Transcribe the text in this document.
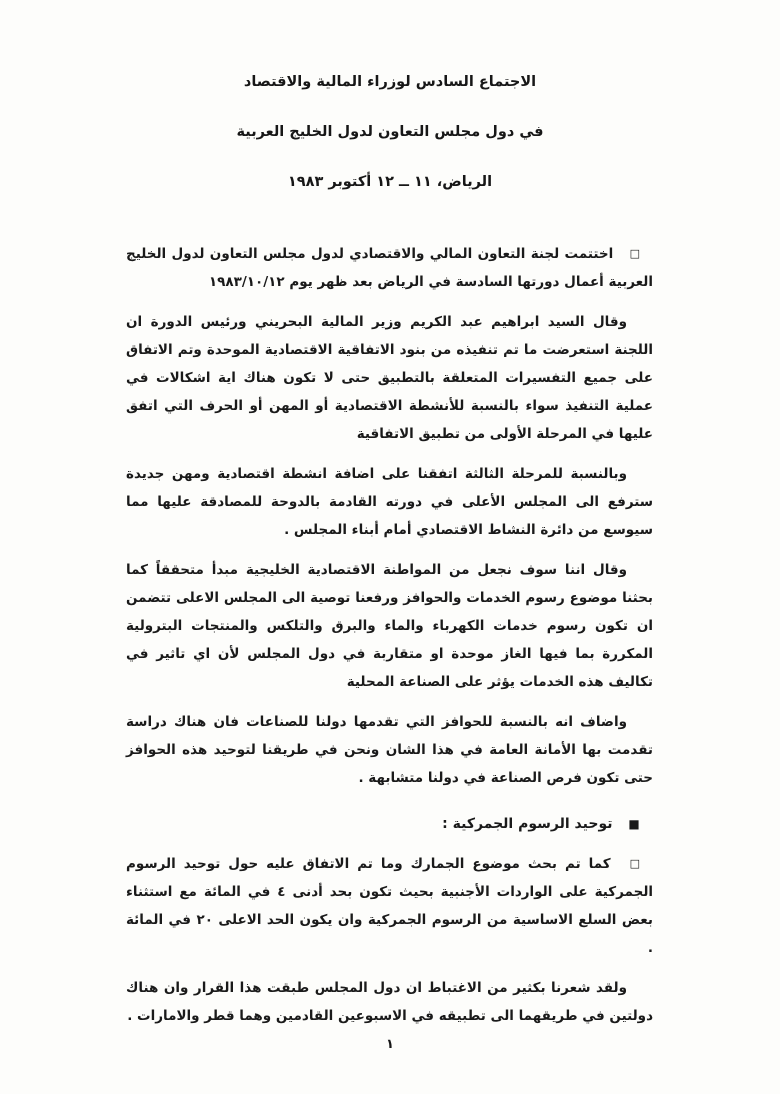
الاجتماع السادس لوزراء المالية والاقتصاد
في دول مجلس التعاون لدول الخليج العربية
الرياض، ١١ ــ ١٢ أكتوبر ١٩٨٣

□ اختتمت لجنة التعاون المالي والاقتصادي لدول مجلس التعاون لدول الخليج العربية أعمال دورتها السادسة في الرياض بعد ظهر يوم ١٩٨٣/١٠/١٢

وقال السيد ابراهيم عبد الكريم وزير المالية البحريني ورئيس الدورة ان اللجنة استعرضت ما تم تنفيذه من بنود الاتفاقية الاقتصادية الموحدة وتم الاتفاق على جميع التفسيرات المتعلقة بالتطبيق حتى لا تكون هناك اية اشكالات في عملية التنفيذ سواء بالنسبة للأنشطة الاقتصادية أو المهن أو الحرف التي اتفق عليها في المرحلة الأولى من تطبيق الاتفاقية

وبالنسبة للمرحلة الثالثة اتفقنا على اضافة انشطة اقتصادية ومهن جديدة سترفع الى المجلس الأعلى في دورته القادمة بالدوحة للمصادقة عليها مما سيوسع من دائرة النشاط الاقتصادي أمام أبناء المجلس .

وقال اننا سوف نجعل من المواطنة الاقتصادية الخليجية مبدأ متحققاً كما بحثنا موضوع رسوم الخدمات والحوافز ورفعنا توصية الى المجلس الاعلى تتضمن ان تكون رسوم خدمات الكهرباء والماء والبرق والتلكس والمنتجات البترولية المكررة بما فيها الغاز موحدة او متقاربة في دول المجلس لأن اي تاثير في تكاليف هذه الخدمات يؤثر على الصناعة المحلية

واضاف انه بالنسبة للحوافز التي تقدمها دولنا للصناعات فان هناك دراسة تقدمت بها الأمانة العامة في هذا الشان ونحن في طريقنا لتوحيد هذه الحوافز حتى تكون فرص الصناعة في دولنا متشابهة .

■ توحيد الرسوم الجمركية :

□ كما تم بحث موضوع الجمارك وما تم الاتفاق عليه حول توحيد الرسوم الجمركية على الواردات الأجنبية بحيث تكون بحد أدنى ٤ في المائة مع استثناء بعض السلع الاساسية من الرسوم الجمركية وان يكون الحد الاعلى ٢٠ في المائة .

ولقد شعرنا بكثير من الاغتباط ان دول المجلس طبقت هذا القرار وان هناك دولتين في طريقهما الى تطبيقه في الاسبوعين القادمين وهما قطر والامارات .

١
